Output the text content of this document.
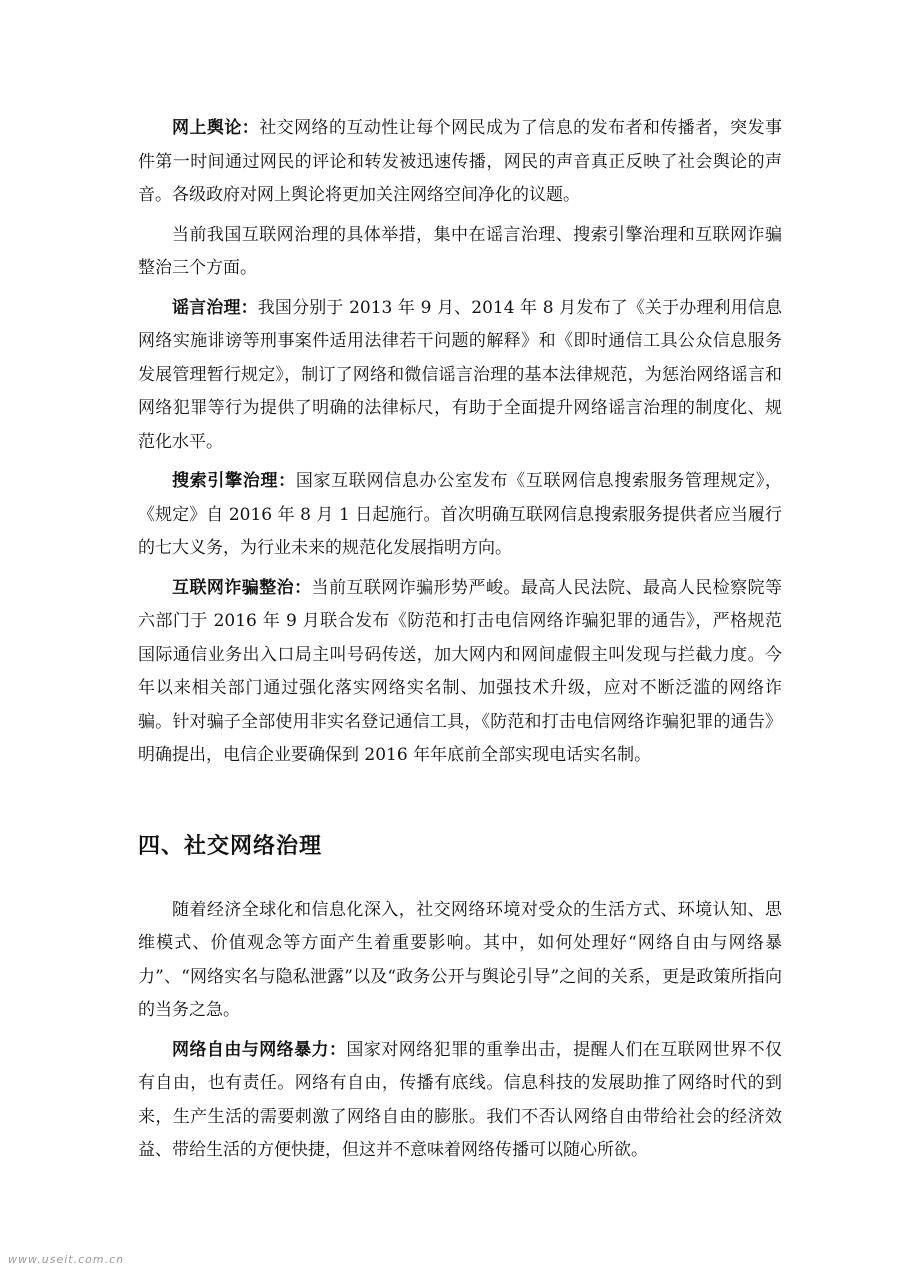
网上舆论：社交网络的互动性让每个网民成为了信息的发布者和传播者，突发事件第一时间通过网民的评论和转发被迅速传播，网民的声音真正反映了社会舆论的声音。各级政府对网上舆论将更加关注网络空间净化的议题。

当前我国互联网治理的具体举措，集中在谣言治理、搜索引擎治理和互联网诈骗整治三个方面。

谣言治理：我国分别于 2013 年 9 月、2014 年 8 月发布了《关于办理利用信息网络实施诽谤等刑事案件适用法律若干问题的解释》和《即时通信工具公众信息服务发展管理暂行规定》，制订了网络和微信谣言治理的基本法律规范，为惩治网络谣言和网络犯罪等行为提供了明确的法律标尺，有助于全面提升网络谣言治理的制度化、规范化水平。

搜索引擎治理：国家互联网信息办公室发布《互联网信息搜索服务管理规定》，《规定》自 2016 年 8 月 1 日起施行。首次明确互联网信息搜索服务提供者应当履行的七大义务，为行业未来的规范化发展指明方向。

互联网诈骗整治：当前互联网诈骗形势严峻。最高人民法院、最高人民检察院等六部门于 2016 年 9 月联合发布《防范和打击电信网络诈骗犯罪的通告》，严格规范国际通信业务出入口局主叫号码传送，加大网内和网间虚假主叫发现与拦截力度。今年以来相关部门通过强化落实网络实名制、加强技术升级，应对不断泛滥的网络诈骗。针对骗子全部使用非实名登记通信工具，《防范和打击电信网络诈骗犯罪的通告》明确提出，电信企业要确保到 2016 年年底前全部实现电话实名制。

四、社交网络治理

随着经济全球化和信息化深入，社交网络环境对受众的生活方式、环境认知、思维模式、价值观念等方面产生着重要影响。其中，如何处理好“网络自由与网络暴力”、“网络实名与隐私泄露”以及“政务公开与舆论引导”之间的关系，更是政策所指向的当务之急。

网络自由与网络暴力：国家对网络犯罪的重拳出击，提醒人们在互联网世界不仅有自由，也有责任。网络有自由，传播有底线。信息科技的发展助推了网络时代的到来，生产生活的需要刺激了网络自由的膨胀。我们不否认网络自由带给社会的经济效益、带给生活的方便快捷，但这并不意味着网络传播可以随心所欲。

www.useit.com.cn
